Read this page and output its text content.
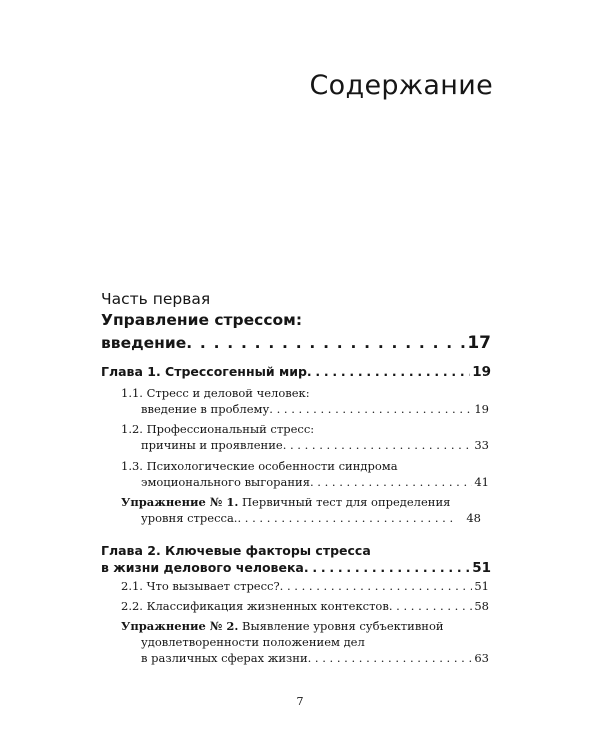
Содержание
Часть первая
Управление стрессом:
введение . . .	17
Глава 1. Стрессогенный мир . . .	19
1.1. Стресс и деловой человек:
введение в проблему . . .	19
1.2. Профессиональный стресс:
причины и проявление . . .	33
1.3. Психологические особенности синдрома
эмоционального выгорания . . .	41
Упражнение № 1. Первичный тест для определения
уровня стресса. . . .	48
Глава 2. Ключевые факторы стресса
в жизни делового человека . . .	51
2.1. Что вызывает стресс? . . .	51
2.2. Классификация жизненных контекстов . . .	58
Упражнение № 2. Выявление уровня субъективной
удовлетворенности положением дел
в различных сферах жизни . . .	63
7
